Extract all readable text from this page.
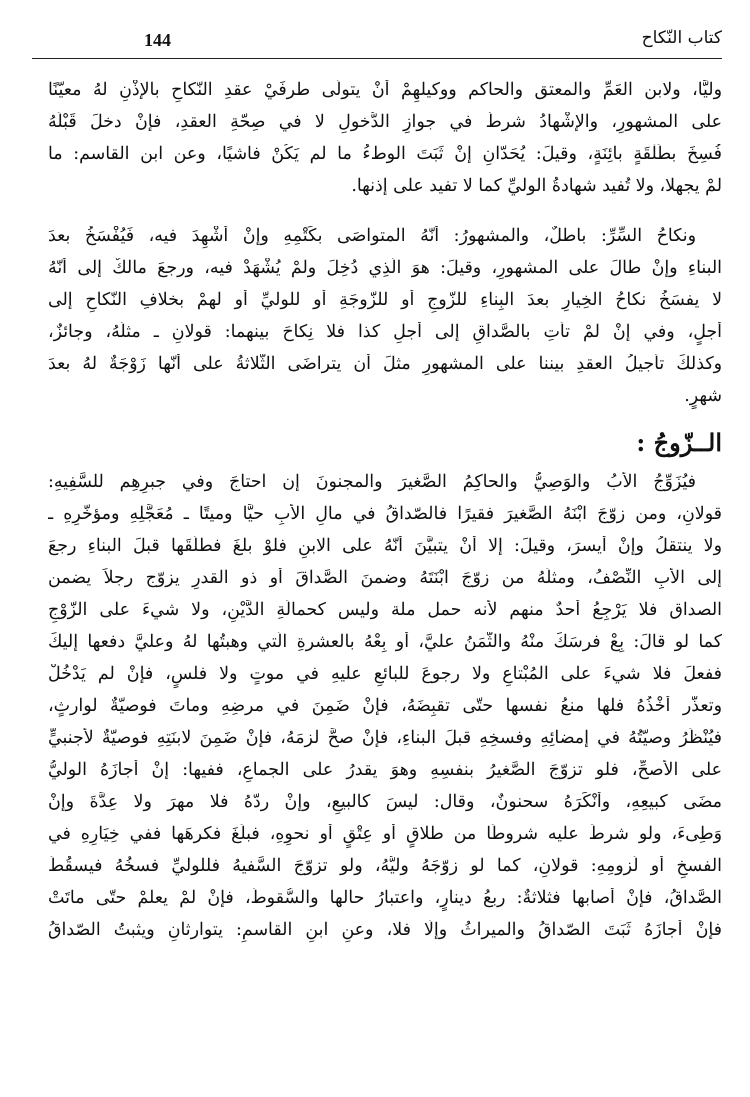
144	كتاب النّكاح
وليًّا، ولابن العَمِّ والمعتق والحاكم ووكيلهِمْ أنْ يتولّى طرفَيْ عقدِ النّكاحِ بالإذْنِ لهُ معيّنًا
على المشهورِ، والإشْهادُ شرطٌ في جوازِ الدُّخولِ لا في صِحّةِ العقدِ، فإنْ دخلَ قَبْلَهُ
فُسِخَ بطَلْقَةٍ بائِنَةٍ، وقيلَ: يُحَدّانِ إنْ ثَبَتَ الوطءُ ما لم يَكُنْ فاشيًا، وعن ابن القاسم: ما
لمْ يجهلا، ولا تُفيد شهادةُ الوليِّ كما لا تفيد على إذنها.
ونكاحُ السِّرِّ: باطلٌ، والمشهورُ: أنّهُ المتواصَى بكَتْمِهِ وإنْ أُشْهِدَ فيه، فَيُفْسَخُ بعدَ
البناءِ وإنْ طالَ على المشهورِ، وقيلَ: هوَ الّذِي دُخِلَ ولمْ يُشْهَدْ فيه، ورجعَ مالكٌ إلى أنّهُ
لا يفسَخُ نكاحُ الخِيارِ بعدَ البِناءِ للزّوجِ أو للزّوجَةِ أو للوليِّ أو لهمْ بخلافِ النّكاحِ إلى
أجلٍ، وفي إنْ لمْ تأْتِ بالصَّداقِ إلى أجلِ كذا فلا نِكاحَ بينهما: قولانِ ـ مثلُهُ، وجائزٌ،
وكذلكَ تأْجيلُ العقدِ بيننا على المشهورِ مثلَ أن يتراضَى الثّلاثةُ على أنّها زَوْجَةٌ لهُ بعدَ
شهرٍ.
الــزّوجُ :
فيُزَوِّجُ الأبُ والوَصِيُّ والحاكِمُ الصَّغيرَ والمجنونَ إن احتاجَ وفي جبرِهِم للسَّفِيهِ:
قولانِ، ومن زوّجَ ابْنَهُ الصَّغيرَ فقيرًا فالصّداقُ في مالِ الأبِ حيًّا وميتًا ـ مُعَجَّلِهِ ومؤخّرِهِ ـ
ولا ينتقلُ وإنْ أيسرَ، وقيلَ: إلا أنْ يتبيَّنَ أنّهُ على الابنِ فلوْ بلغَ فطلّقَها قبلَ البناءِ رجعَ
إلى الأبِ النِّصْفُ، ومثلُهُ من زوّجَ ابْنَتَهُ وضمنَ الصَّداقَ أو ذو القدرِ يزوّج رجلاً يضمن
الصداق فلا يَرْجِعُ أحدٌ منهم لأنه حمل ملة وليس كحمالَةِ الدَّيْنِ، ولا شيءَ على الزّوْجِ
كما لو قالَ: بِعْ فرسَكَ منْهُ والثَّمَنُ عليَّ، أو بِعْهُ بالعشرةِ الّتي وهبتُها لهُ وعليَّ دفعها إليكَ
ففعلَ فلا شيءَ على المُبْتاعِ ولا رجوعَ للبائعِ عليهِ في موتٍ ولا فلسٍ، فإنْ لم يَدْخُلْ
وتعذّر أخْذُهُ فلها منعُ نفسها حتّى تقبِضَهُ، فإنْ ضَمِنَ في مرضِهِ وماتَ فوصيّةٌ لوارثٍ،
فيُنْظَرُ وصيّتُهُ في إمضائِهِ وفسخِهِ قبلَ البناءِ، فإنْ صحَّ لزمَهُ، فإنْ ضَمِنَ لابنَتِهِ فوصيّةٌ لأجنبيٍّ
على الأصحِّ، فلو تزوّجَ الصَّغيرُ بنفسِهِ وهوَ يقدرُ على الجماعِ، ففيها: إنْ أجازَهُ الوليُّ
مضَى كبيعِهِ، وأنْكَرَهُ سحنونٌ، وقال: ليسَ كالبيعِ، وإنْ ردّهُ فلا مهرَ ولا عِدَّةَ وإنْ
وَطِىءَ، ولو شرطَ عليه شروطًا من طلاقٍ أو عِتْقٍ أو نحوِهِ، فبلَغَ فكرهَها ففي خِيَارِهِ في
الفسخِ أو لُزومِهِ: قولانِ، كما لو زوّجَهُ وليُّهُ، ولو تزوّجَ السَّفيهُ فللوليِّ فسخُهُ فيسقُطُ
الصَّداقُ، فإنْ أصابها فثلاثةٌ: ربعُ دينارٍ، واعتبارُ حالها والسُّقوطُ، فإنْ لمْ يعلمْ حتّى ماتَتْ
فإنْ أجازَهُ ثَبَتَ الصّداقُ والميراثُ وإلّا فلا، وعنِ ابنِ القاسمِ: يتوارثانِ ويثبتُ الصّداقُ
